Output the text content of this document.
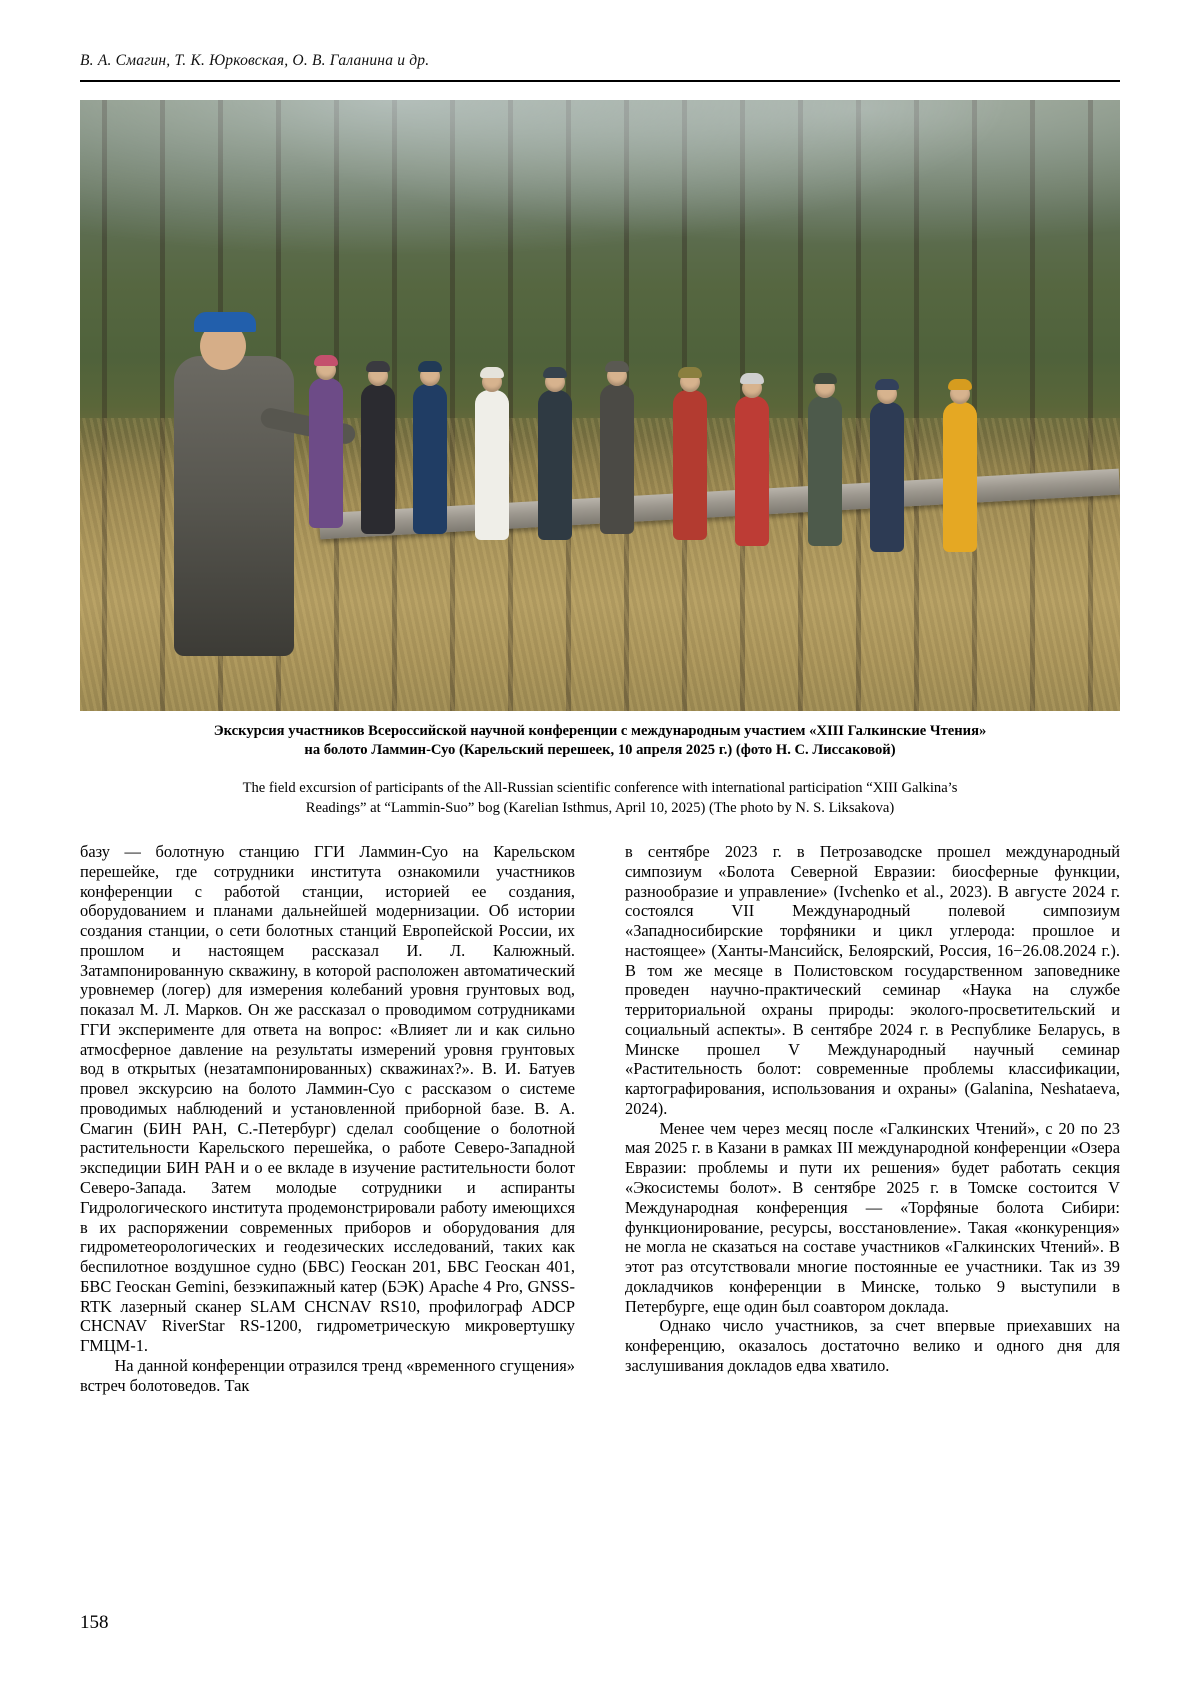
В. А. Смагин, Т. К. Юрковская, О. В. Галанина и др.
Экскурсия участников Всероссийской научной конференции с международным участием «XIII Галкинские Чтения»
на болото Ламмин-Суо (Карельский перешеек, 10 апреля 2025 г.) (фото Н. С. Лиссаковой)
The field excursion of participants of the All-Russian scientific conference with international participation “XIII Galkina’s
Readings” at “Lammin-Suo” bog (Karelian Isthmus, April 10, 2025) (The photo by N. S. Liksakova)

базу — болотную станцию ГГИ Ламмин-Суо на Карельском перешейке, где сотрудники института ознакомили участников конференции с работой станции, историей ее создания, оборудованием и планами дальнейшей модернизации. Об истории создания станции, о сети болотных станций Европейской России, их прошлом и настоящем рассказал И. Л. Калюжный. Затампонированную скважину, в которой расположен автоматический уровнемер (логер) для измерения колебаний уровня грунтовых вод, показал М. Л. Марков. Он же рассказал о проводимом сотрудниками ГГИ эксперименте для ответа на вопрос: «Влияет ли и как сильно атмосферное давление на результаты измерений уровня грунтовых вод в открытых (незатампонированных) скважинах?». В. И. Батуев провел экскурсию на болото Ламмин-Суо с рассказом о системе проводимых наблюдений и установленной приборной базе. В. А. Смагин (БИН РАН, С.-Петербург) сделал сообщение о болотной растительности Карельского перешейка, о работе Северо-Западной экспедиции БИН РАН и о ее вкладе в изучение растительности болот Северо-Запада. Затем молодые сотрудники и аспиранты Гидрологического института продемонстрировали работу имеющихся в их распоряжении современных приборов и оборудования для гидрометеорологических и геодезических исследований, таких как беспилотное воздушное судно (БВС) Геоскан 201, БВС Геоскан 401, БВС Геоскан Gemini, безэкипажный катер (БЭК) Apache 4 Pro, GNSS-RTK лазерный сканер SLAM CHCNAV RS10, профилограф ADCP CHCNAV RiverStar RS-1200, гидрометрическую микровертушку ГМЦМ-1.

На данной конференции отразился тренд «временного сгущения» встреч болотоведов. Так

в сентябре 2023 г. в Петрозаводске прошел международный симпозиум «Болота Северной Евразии: биосферные функции, разнообразие и управление» (Ivchenko et al., 2023). В августе 2024 г. состоялся VII Международный полевой симпозиум «Западносибирские торфяники и цикл углерода: прошлое и настоящее» (Ханты-Мансийск, Белоярский, Россия, 16−26.08.2024 г.). В том же месяце в Полистовском государственном заповеднике проведен научно-практический семинар «Наука на службе территориальной охраны природы: эколого-просветительский и социальный аспекты». В сентябре 2024 г. в Республике Беларусь, в Минске прошел V Международный научный семинар «Растительность болот: современные проблемы классификации, картографирования, использования и охраны» (Galanina, Neshataeva, 2024).

Менее чем через месяц после «Галкинских Чтений», с 20 по 23 мая 2025 г. в Казани в рамках III международной конференции «Озера Евразии: проблемы и пути их решения» будет работать секция «Экосистемы болот». В сентябре 2025 г. в Томске состоится V Международная конференция — «Торфяные болота Сибири: функционирование, ресурсы, восстановление». Такая «конкуренция» не могла не сказаться на составе участников «Галкинских Чтений». В этот раз отсутствовали многие постоянные ее участники. Так из 39 докладчиков конференции в Минске, только 9 выступили в Петербурге, еще один был соавтором доклада.

Однако число участников, за счет впервые приехавших на конференцию, оказалось достаточно велико и одного дня для заслушивания докладов едва хватило.

158
